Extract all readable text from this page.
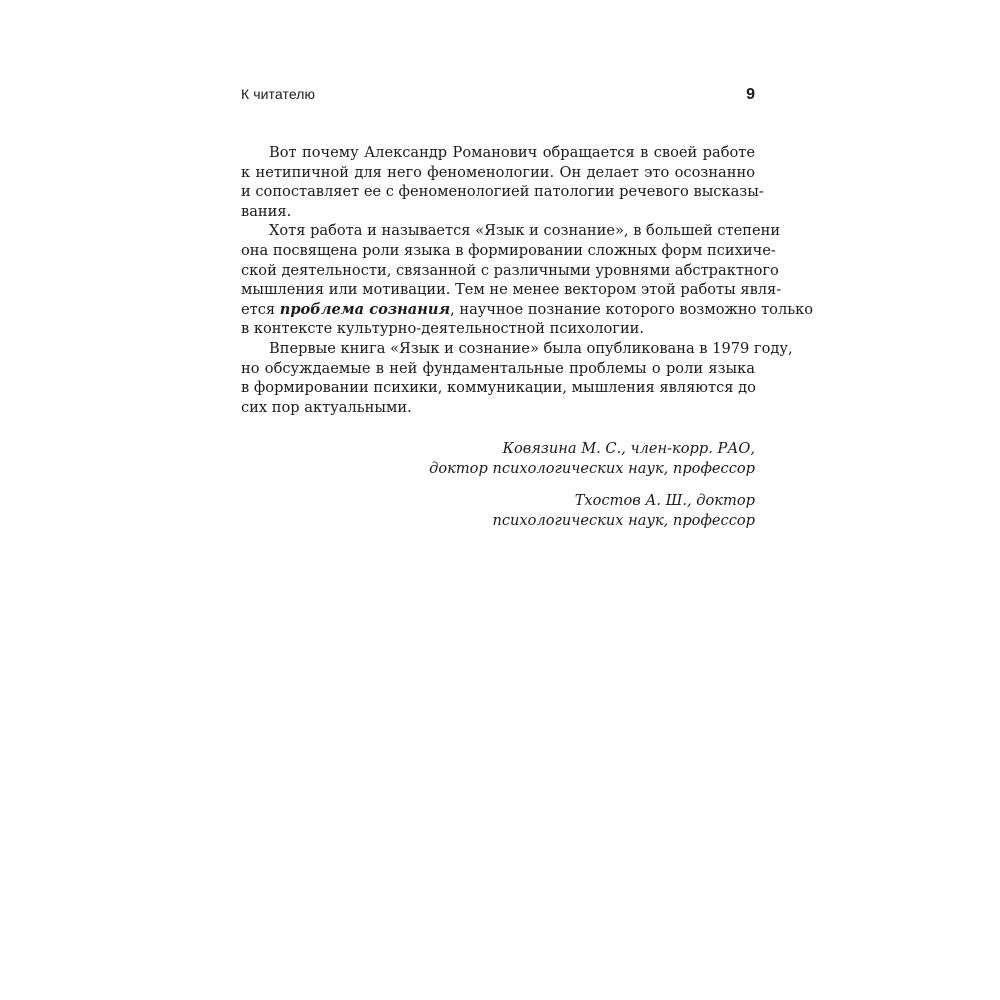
К читателю	9
Вот почему Александр Романович обращается в своей работе
к нетипичной для него феноменологии. Он делает это осознанно
и сопоставляет ее с феноменологией патологии речевого высказы-
вания.
Хотя работа и называется «Язык и сознание», в большей степени
она посвящена роли языка в формировании сложных форм психиче-
ской деятельности, связанной с различными уровнями абстрактного
мышления или мотивации. Тем не менее вектором этой работы явля-
ется проблема сознания, научное познание которого возможно только
в контексте культурно-деятельностной психологии.
Впервые книга «Язык и сознание» была опубликована в 1979 году,
но обсуждаемые в ней фундаментальные проблемы о роли языка
в формировании психики, коммуникации, мышления являются до
сих пор актуальными.
Ковязина М. С., член-корр. РАО,
доктор психологических наук, профессор
Тхостов А. Ш., доктор
психологических наук, профессор
